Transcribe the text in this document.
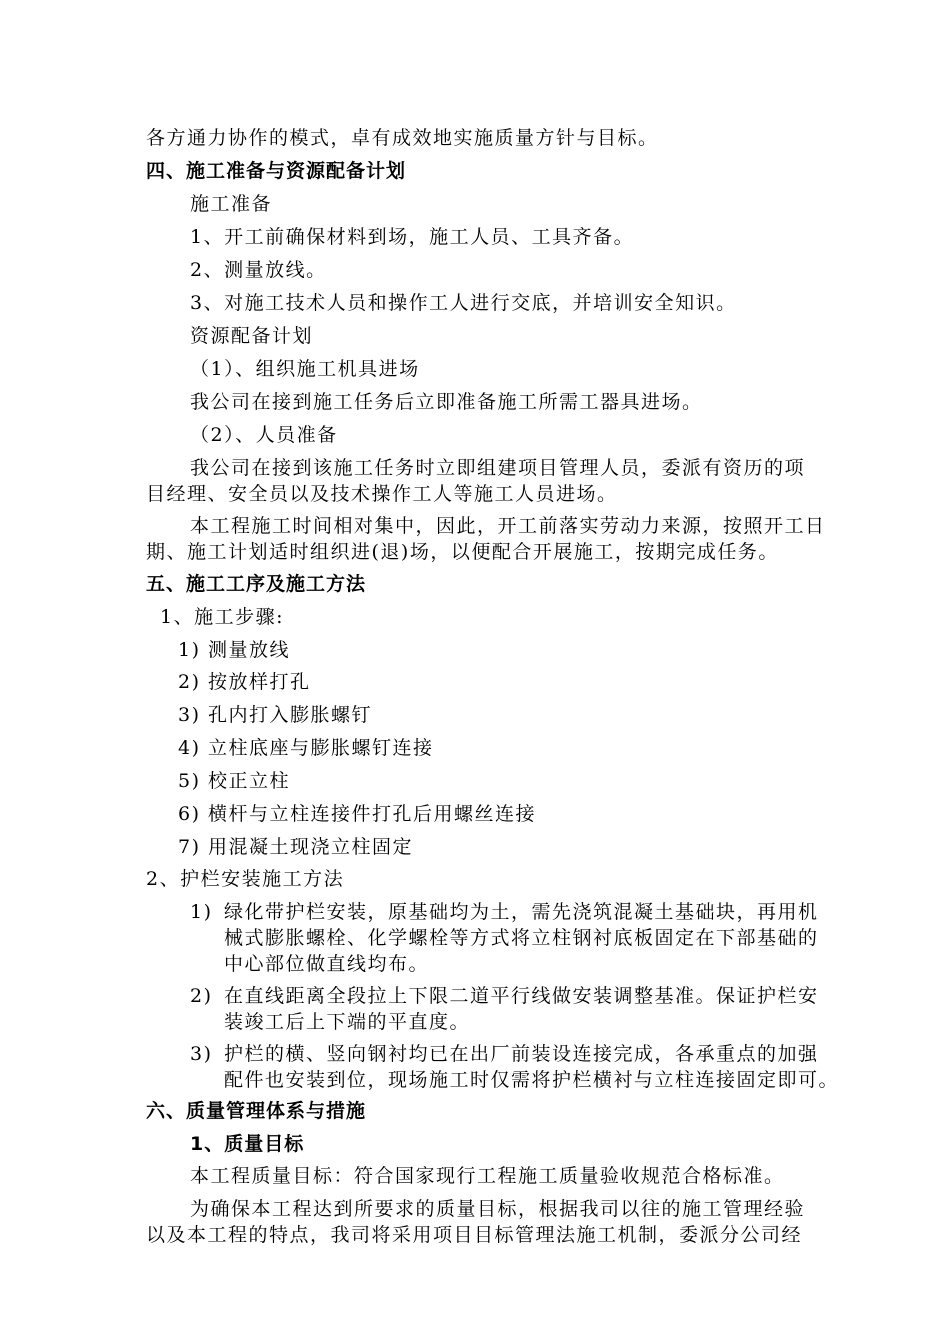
各方通力协作的模式，卓有成效地实施质量方针与目标。
四、施工准备与资源配备计划
施工准备
1、开工前确保材料到场，施工人员、工具齐备。
2、测量放线。
3、对施工技术人员和操作工人进行交底，并培训安全知识。
资源配备计划
（1）、组织施工机具进场
我公司在接到施工任务后立即准备施工所需工器具进场。
（2）、人员准备
我公司在接到该施工任务时立即组建项目管理人员，委派有资历的项
目经理、安全员以及技术操作工人等施工人员进场。
本工程施工时间相对集中，因此，开工前落实劳动力来源，按照开工日
期、施工计划适时组织进(退)场，以便配合开展施工，按期完成任务。
五、施工工序及施工方法
1、施工步骤:
1) 测量放线
2) 按放样打孔
3) 孔内打入膨胀螺钉
4) 立柱底座与膨胀螺钉连接
5) 校正立柱
6) 横杆与立柱连接件打孔后用螺丝连接
7) 用混凝土现浇立柱固定
2、护栏安装施工方法
1) 绿化带护栏安装，原基础均为土，需先浇筑混凝土基础块，再用机
械式膨胀螺栓、化学螺栓等方式将立柱钢衬底板固定在下部基础的
中心部位做直线均布。
2) 在直线距离全段拉上下限二道平行线做安装调整基准。保证护栏安
装竣工后上下端的平直度。
3) 护栏的横、竖向钢衬均已在出厂前装设连接完成，各承重点的加强
配件也安装到位，现场施工时仅需将护栏横衬与立柱连接固定即可。
六、质量管理体系与措施
1、质量目标
本工程质量目标：符合国家现行工程施工质量验收规范合格标准。
为确保本工程达到所要求的质量目标，根据我司以往的施工管理经验
以及本工程的特点，我司将采用项目目标管理法施工机制，委派分公司经
